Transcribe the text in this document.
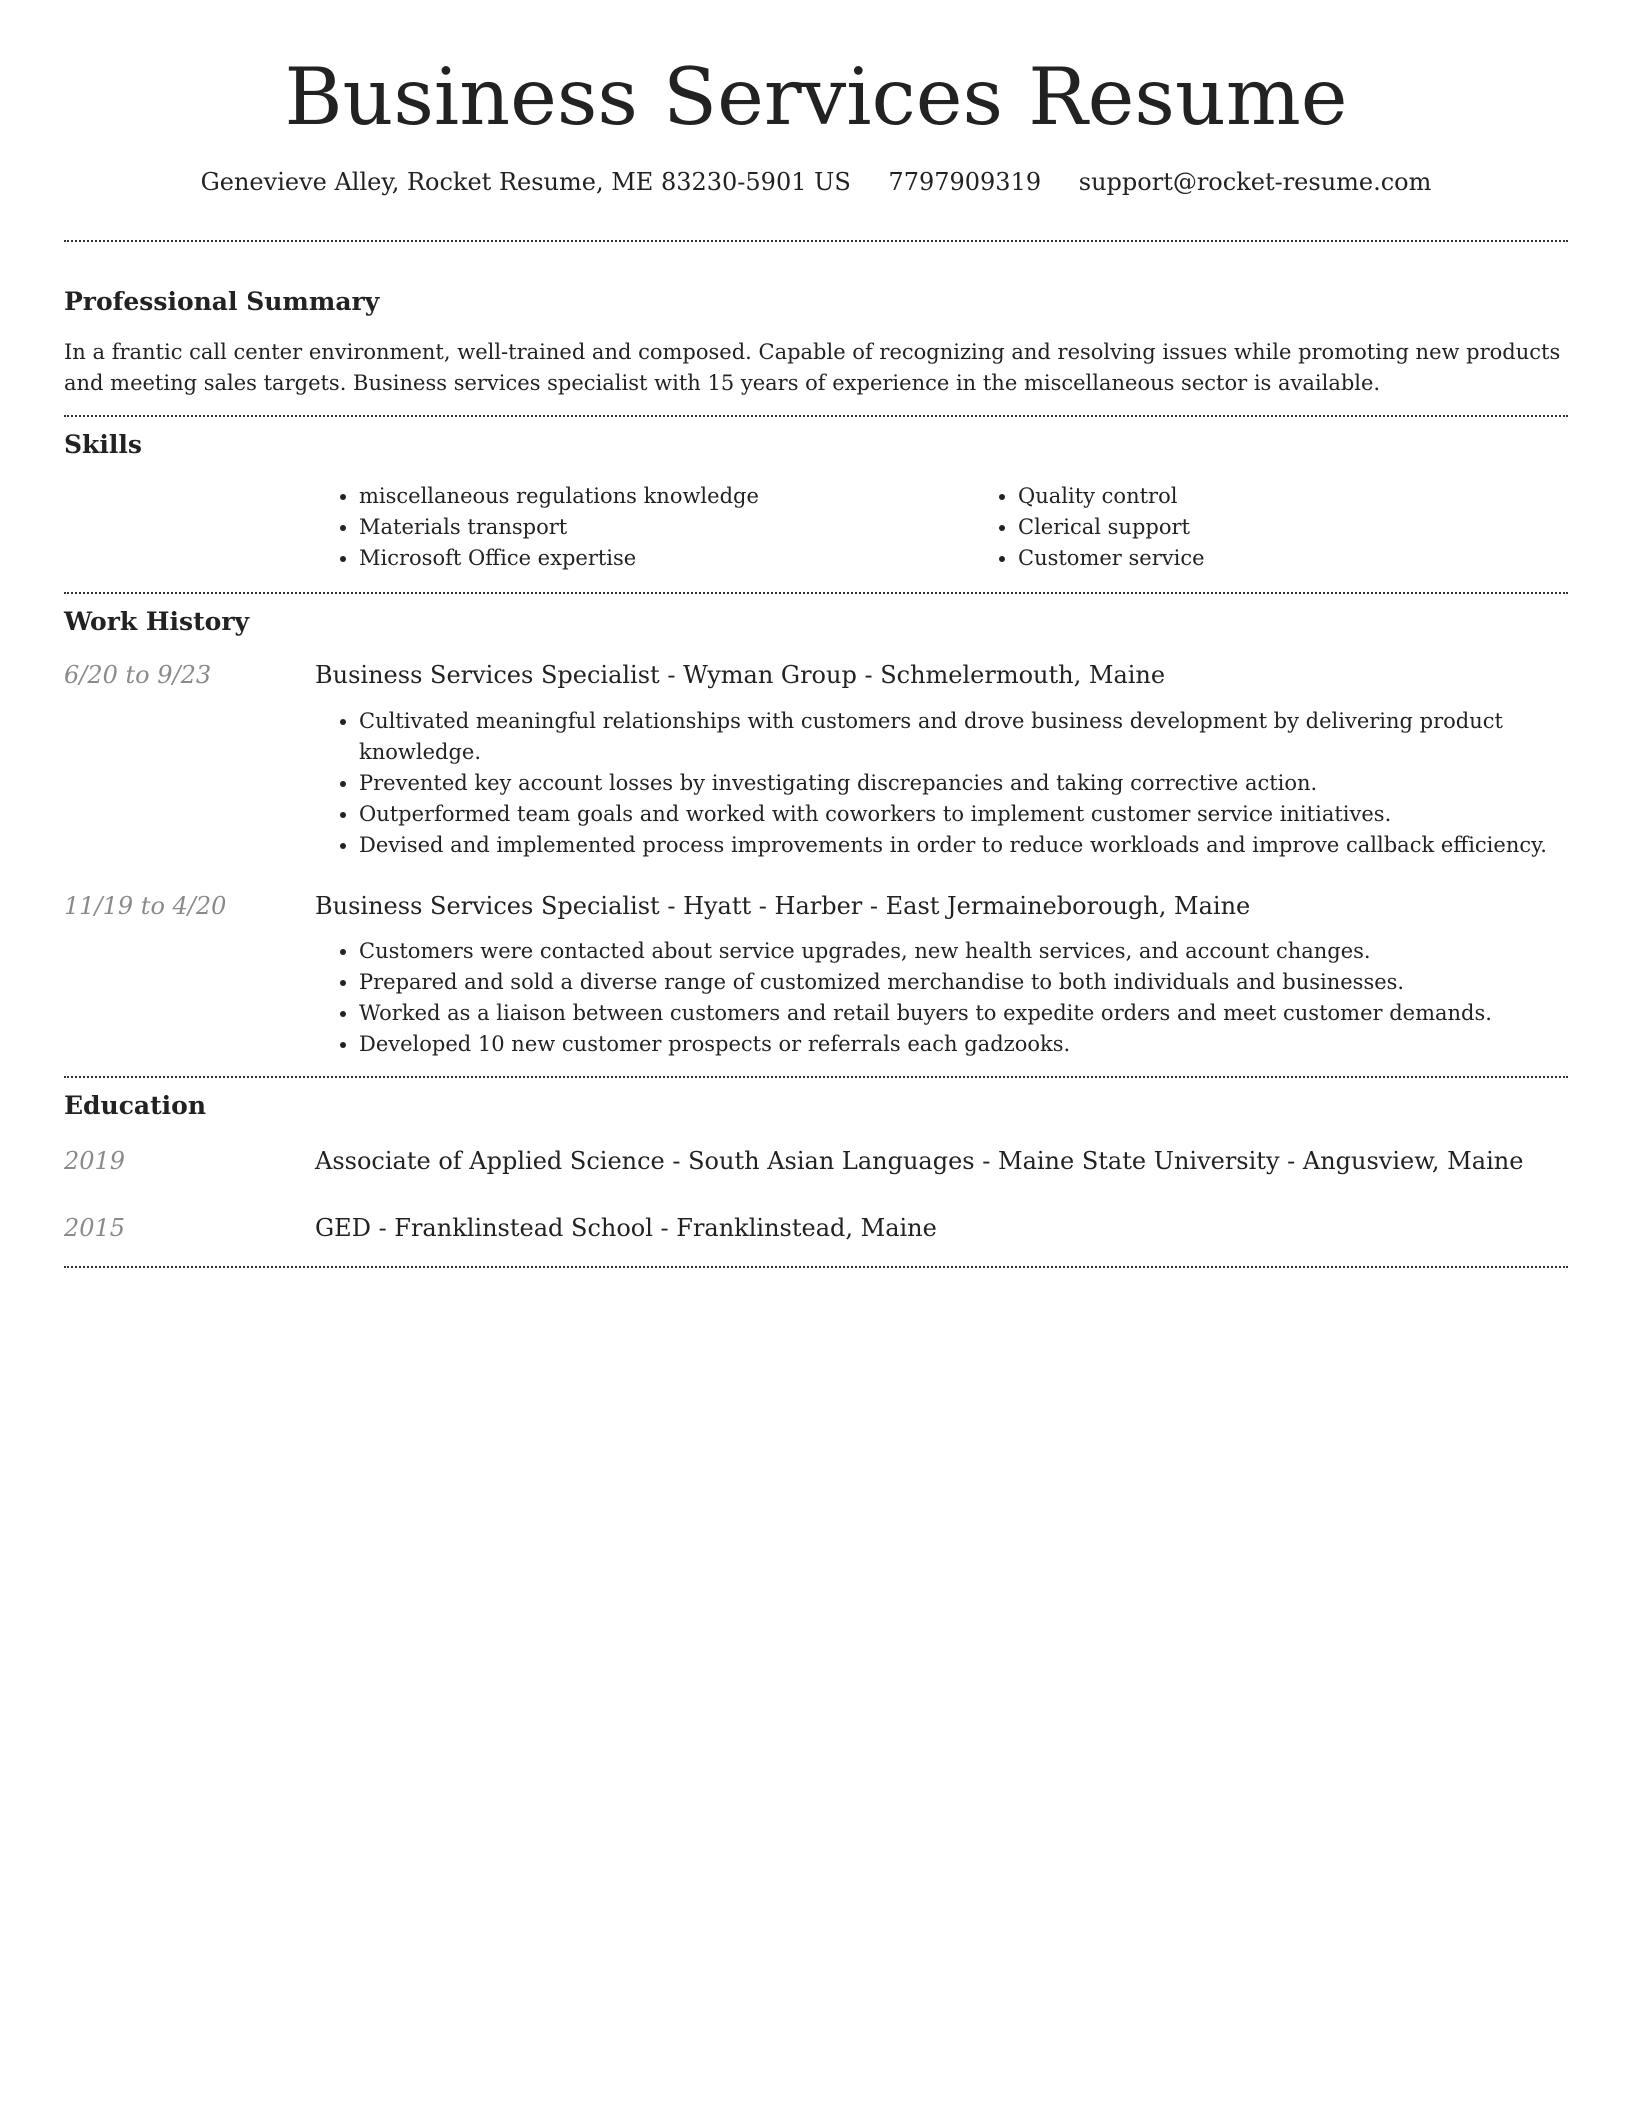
Business Services Resume
Genevieve Alley, Rocket Resume, ME 83230-5901 US 7797909319 support@rocket-resume.com
Professional Summary

In a frantic call center environment, well-trained and composed. Capable of recognizing and resolving issues while promoting new products and meeting sales targets. Business services specialist with 15 years of experience in the miscellaneous sector is available.

Skills
• miscellaneous regulations knowledge
• Materials transport
• Microsoft Office expertise
• Quality control
• Clerical support
• Customer service
Work History
6/20 to 9/23	Business Services Specialist - Wyman Group - Schmelermouth, Maine
• Cultivated meaningful relationships with customers and drove business development by delivering product knowledge.
• Prevented key account losses by investigating discrepancies and taking corrective action.
• Outperformed team goals and worked with coworkers to implement customer service initiatives.
• Devised and implemented process improvements in order to reduce workloads and improve callback efficiency.
11/19 to 4/20	Business Services Specialist - Hyatt - Harber - East Jermaineborough, Maine
• Customers were contacted about service upgrades, new health services, and account changes.
• Prepared and sold a diverse range of customized merchandise to both individuals and businesses.
• Worked as a liaison between customers and retail buyers to expedite orders and meet customer demands.
• Developed 10 new customer prospects or referrals each gadzooks.
Education
2019	Associate of Applied Science - South Asian Languages - Maine State University - Angusview, Maine
2015	GED - Franklinstead School - Franklinstead, Maine
